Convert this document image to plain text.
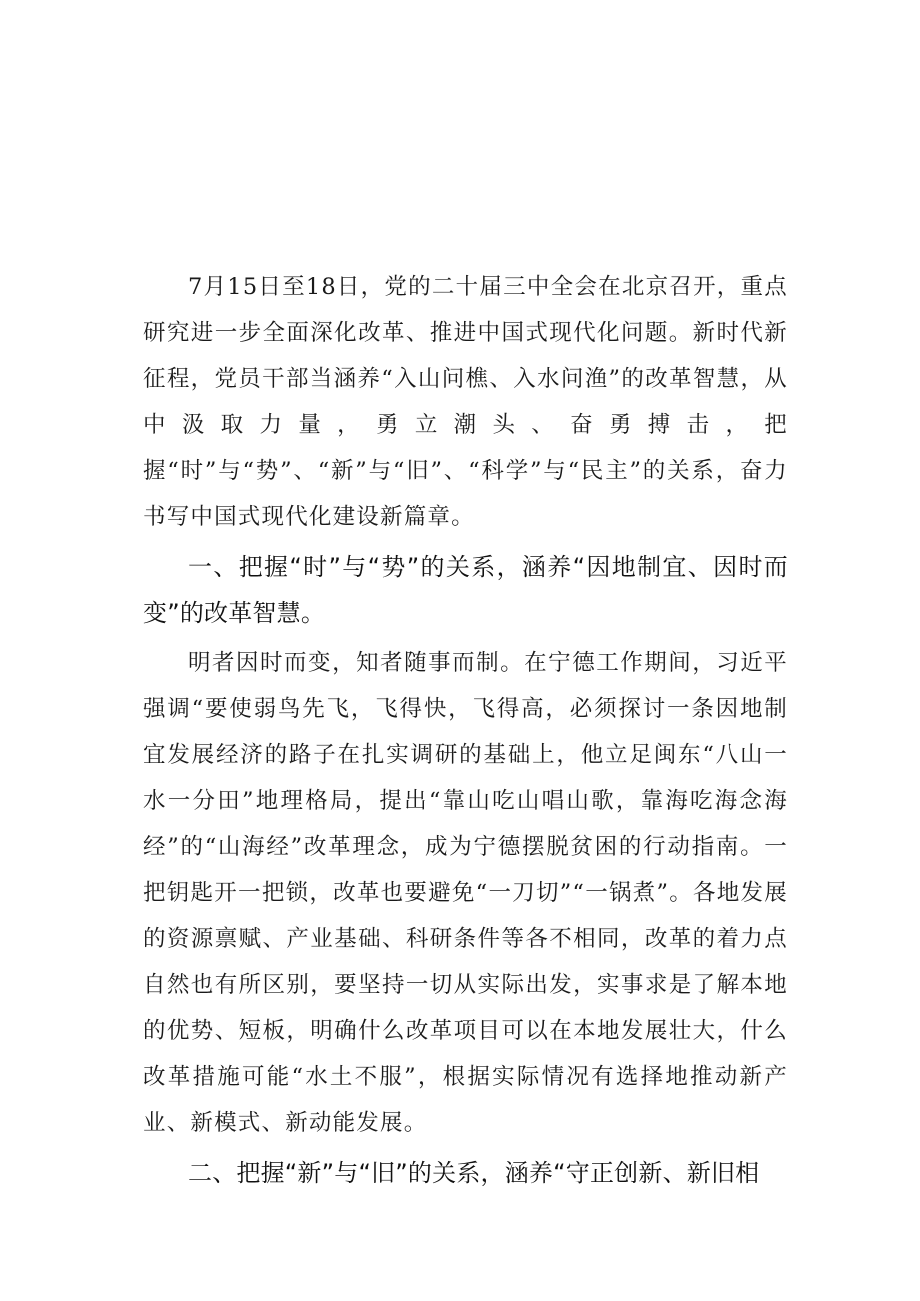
7月15日至18日，党的二十届三中全会在北京召开，重点研究进一步全面深化改革、推进中国式现代化问题。新时代新征程，党员干部当涵养“入山问樵、入水问渔”的改革智慧，从中汲取力量，勇立潮头、奋勇搏击，把握“时”与“势”、“新”与“旧”、“科学”与“民主”的关系，奋力书写中国式现代化建设新篇章。

一、把握“时”与“势”的关系，涵养“因地制宜、因时而变”的改革智慧。

明者因时而变，知者随事而制。在宁德工作期间，习近平强调“要使弱鸟先飞，飞得快，飞得高，必须探讨一条因地制宜发展经济的路子在扎实调研的基础上，他立足闽东“八山一水一分田”地理格局，提出“靠山吃山唱山歌，靠海吃海念海经”的“山海经”改革理念，成为宁德摆脱贫困的行动指南。一把钥匙开一把锁，改革也要避免“一刀切”“一锅煮”。各地发展的资源禀赋、产业基础、科研条件等各不相同，改革的着力点自然也有所区别，要坚持一切从实际出发，实事求是了解本地的优势、短板，明确什么改革项目可以在本地发展壮大，什么改革措施可能“水土不服”，根据实际情况有选择地推动新产业、新模式、新动能发展。

二、把握“新”与“旧”的关系，涵养“守正创新、新旧相
